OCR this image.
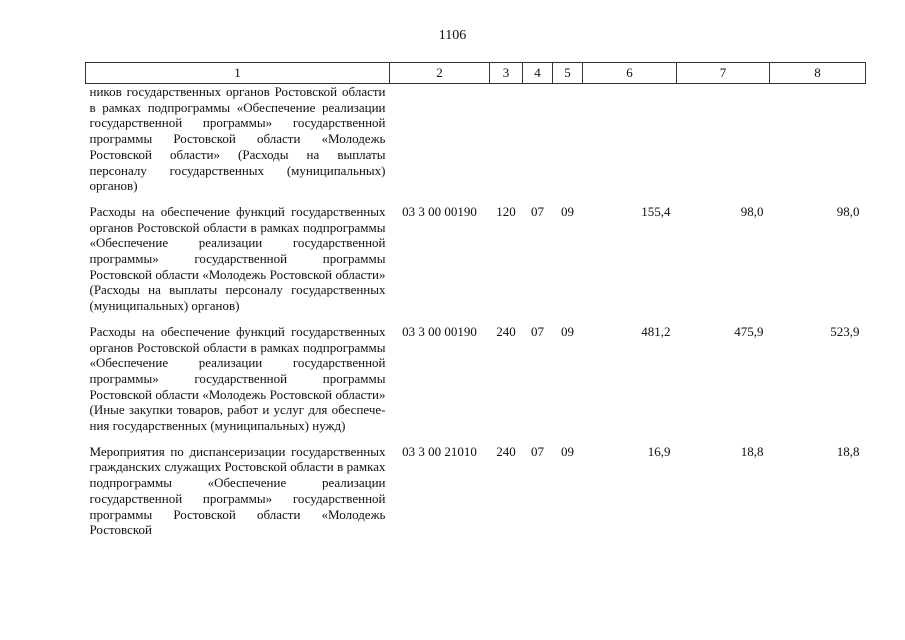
1106
1	2	3	4	5	6	7	8
ников государственных органов Ростовской области в рамках подпрограммы «Обеспечение реализации государственной программы» государственной программы Ростовской области «Молодежь Ростовской области» (Расходы на выплаты персоналу государственных (муниципальных) органов)							
Расходы на обеспечение функций государственных органов Ростовской области в рамках подпрограммы «Обеспечение реализации государственной программы» государственной программы Ростовской области «Молодежь Ростовской области» (Расходы на выплаты персоналу государственных (муниципальных) органов)	03 3 00 00190	120	07	09	155,4	98,0	98,0
Расходы на обеспечение функций государственных органов Ростовской области в рамках подпрограммы «Обеспечение реализации государственной программы» государственной программы Ростовской области «Молодежь Ростовской области» (Иные закупки товаров, работ и услуг для обеспечения государственных (муниципальных) нужд)	03 3 00 00190	240	07	09	481,2	475,9	523,9
Мероприятия по диспансеризации государственных гражданских служащих Ростовской области в рамках подпрограммы «Обеспечение реализации государственной программы» государственной программы Ростовской области «Молодежь Ростовской	03 3 00 21010	240	07	09	16,9	18,8	18,8
